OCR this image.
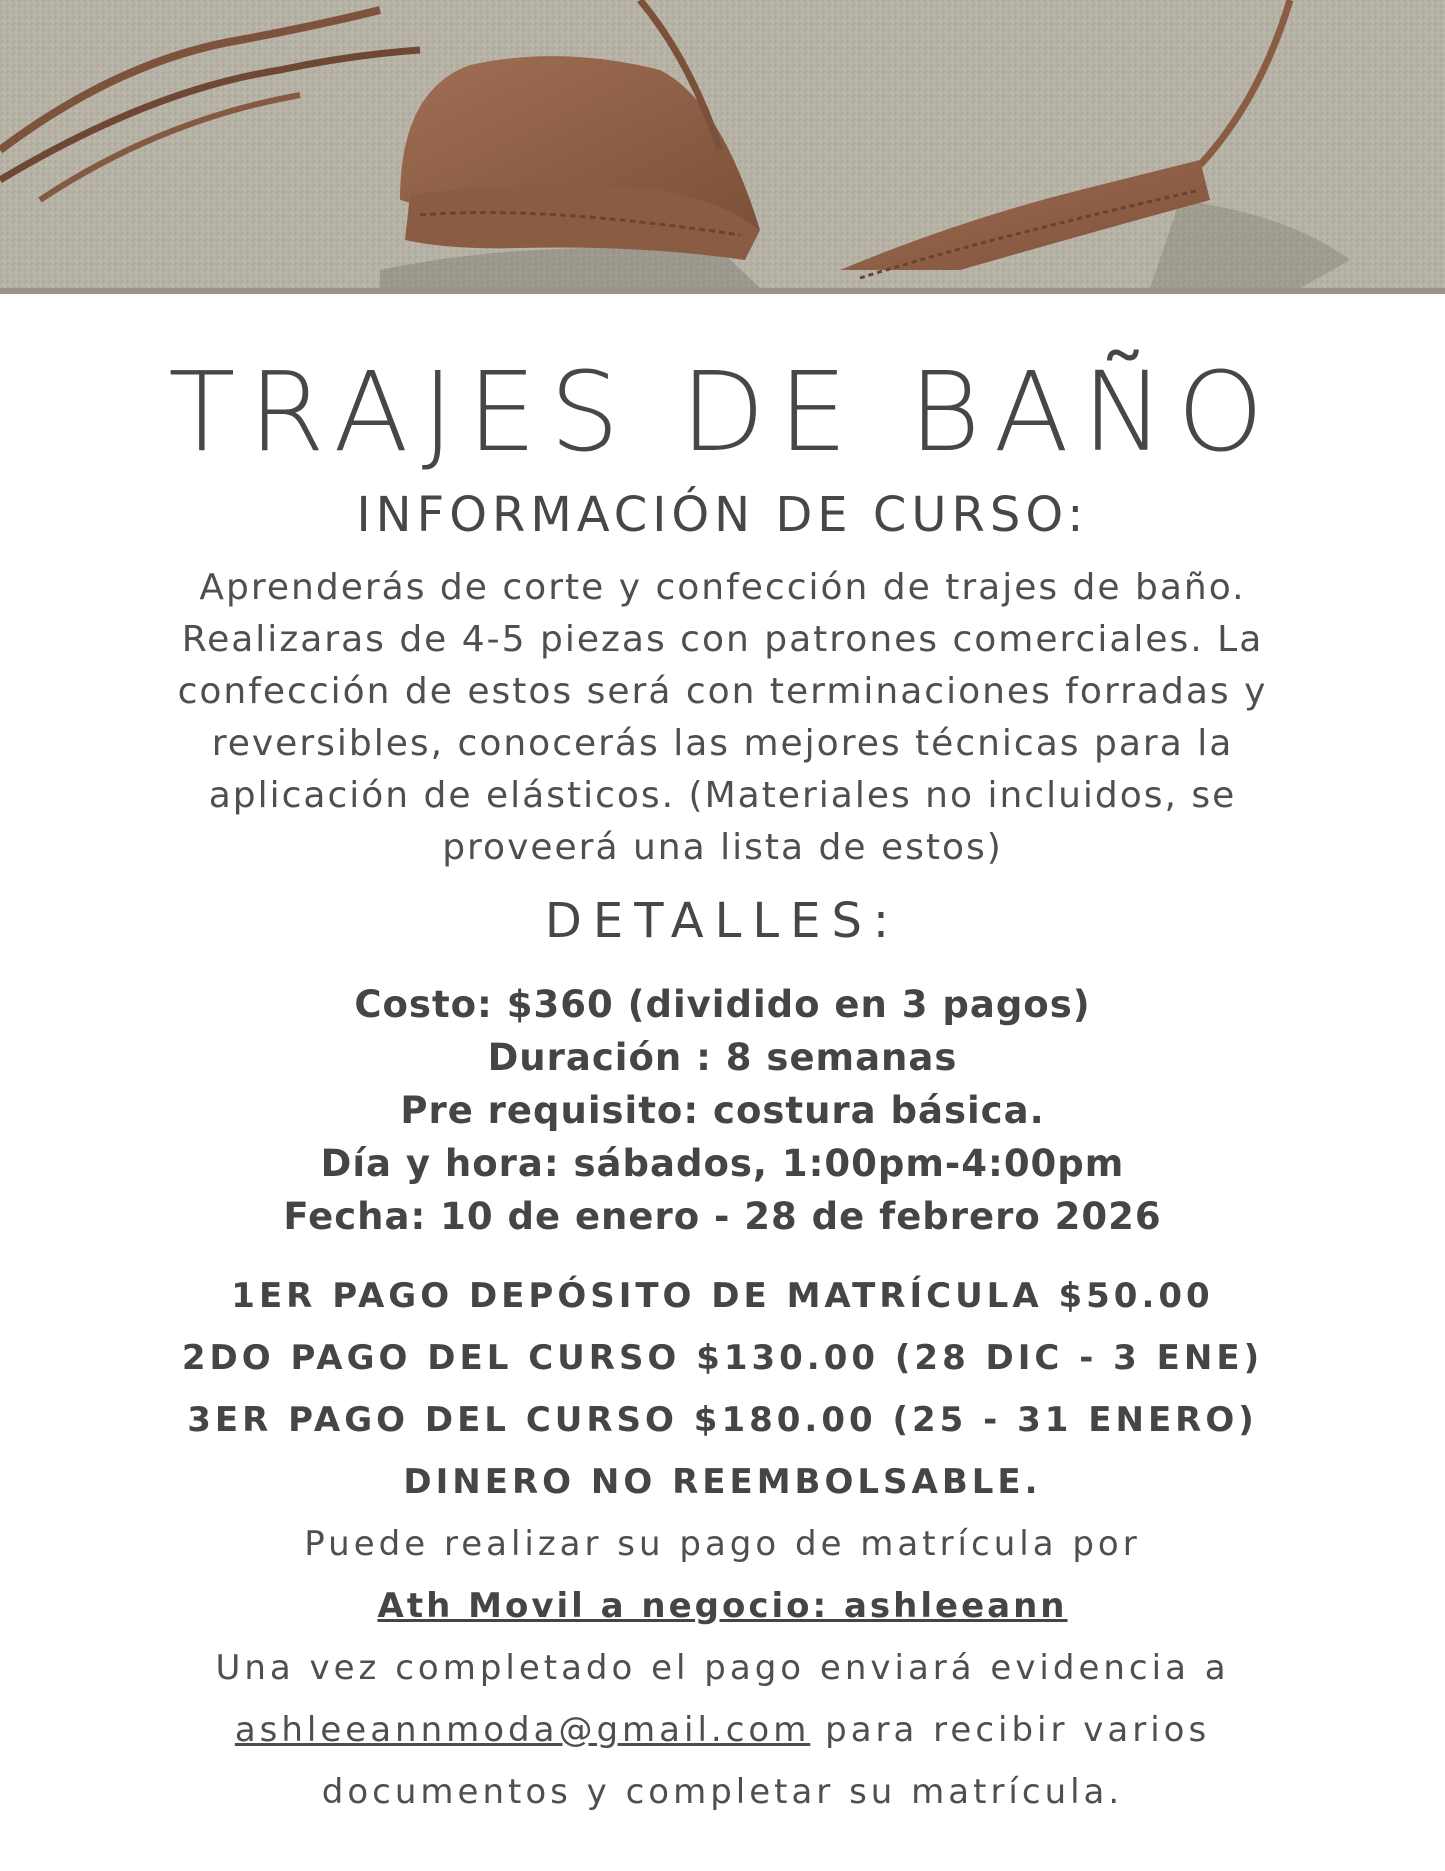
TRAJES DE BAÑO
INFORMACIÓN DE CURSO:
Aprenderás de corte y confección de trajes de baño.
Realizaras de 4-5 piezas con patrones comerciales. La
confección de estos será con terminaciones forradas y
reversibles, conocerás las mejores técnicas para la
aplicación de elásticos. (Materiales no incluidos, se
proveerá una lista de estos)
DETALLES:
Costo: $360 (dividido en 3 pagos)
Duración : 8 semanas
Pre requisito: costura básica.
Día y hora: sábados, 1:00pm-4:00pm
Fecha: 10 de enero - 28 de febrero 2026
1ER PAGO DEPÓSITO DE MATRÍCULA $50.00
2DO PAGO DEL CURSO $130.00 (28 DIC - 3 ENE)
3ER PAGO DEL CURSO $180.00 (25 - 31 ENERO)
DINERO NO REEMBOLSABLE.
Puede realizar su pago de matrícula por
Ath Movil a negocio: ashleeann
Una vez completado el pago enviará evidencia a
ashleeannmoda@gmail.com para recibir varios
documentos y completar su matrícula.
